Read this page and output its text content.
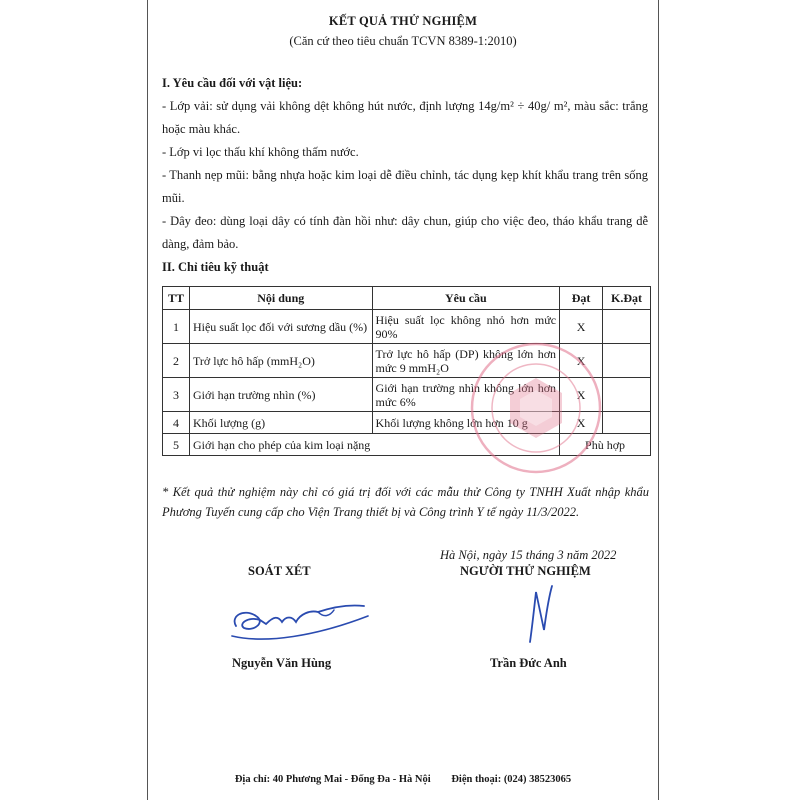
KẾT QUẢ THỬ NGHIỆM
(Căn cứ theo tiêu chuẩn TCVN 8389-1:2010)
I. Yêu cầu đối với vật liệu:
- Lớp vải: sử dụng vải không dệt không hút nước, định lượng 14g/m² ÷ 40g/ m², màu sắc: trắng hoặc màu khác.
- Lớp vi lọc thấu khí không thấm nước.
- Thanh nẹp mũi: bằng nhựa hoặc kim loại dễ điều chỉnh, tác dụng kẹp khít khẩu trang trên sống mũi.
- Dây đeo: dùng loại dây có tính đàn hồi như: dây chun, giúp cho việc đeo, tháo khẩu trang dễ dàng, đảm bảo.
II. Chỉ tiêu kỹ thuật
TT	Nội dung	Yêu cầu	Đạt	K.Đạt
1	Hiệu suất lọc đối với sương dầu (%)	Hiệu suất lọc không nhỏ hơn mức 90%	X	
2	Trở lực hô hấp (mmH₂O)	Trở lực hô hấp (DP) không lớn hơn mức 9 mmH₂O	X	
3	Giới hạn trường nhìn (%)	Giới hạn trường nhìn không lớn hơn mức 6%	X	
4	Khối lượng (g)	Khối lượng không lớn hơn 10 g	X	
5	Giới hạn cho phép của kim loại nặng		Phù hợp	
* Kết quả thử nghiệm này chỉ có giá trị đối với các mẫu thử Công ty TNHH Xuất nhập khẩu Phương Tuyến cung cấp cho Viện Trang thiết bị và Công trình Y tế ngày 11/3/2022.
Hà Nội, ngày 15 tháng 3 năm 2022
SOÁT XÉT	NGƯỜI THỬ NGHIỆM
Nguyễn Văn Hùng	Trần Đức Anh
Địa chỉ: 40 Phương Mai - Đống Đa - Hà Nội Điện thoại: (024) 38523065
